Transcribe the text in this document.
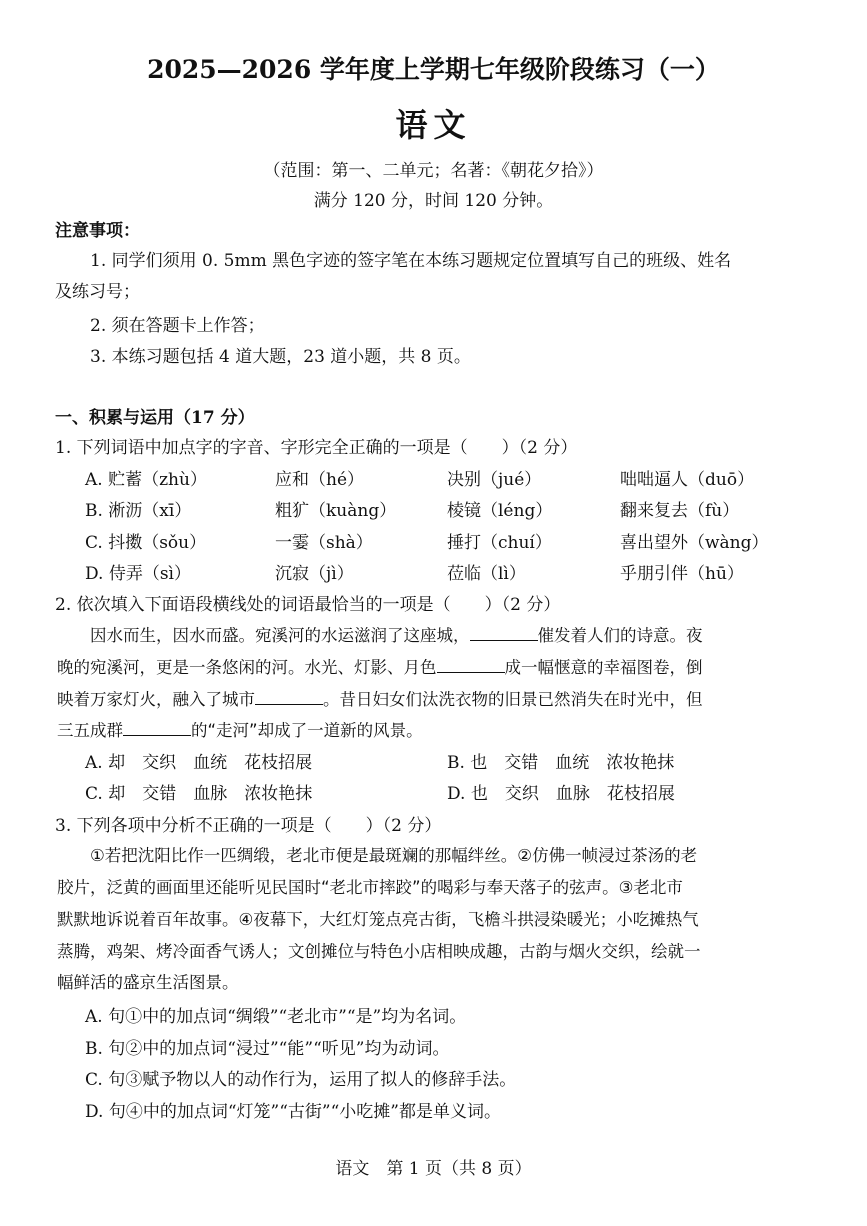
2025—2026 学年度上学期七年级阶段练习（一）
语文
（范围：第一、二单元；名著：《朝花夕拾》）
满分 120 分，时间 120 分钟。
注意事项：
1. 同学们须用 0. 5mm 黑色字迹的签字笔在本练习题规定位置填写自己的班级、姓名
及练习号；
2. 须在答题卡上作答；
3. 本练习题包括 4 道大题，23 道小题，共 8 页。
一、积累与运用（17 分）
1. 下列词语中加点字的字音、字形完全正确的一项是（　　）（2 分）
A. 贮蓄（zhù）	应和（hé）	决别（jué）	咄咄逼人（duō）
B. 淅沥（xī）	粗犷（kuàng）	棱镜（léng）	翻来复去（fù）
C. 抖擞（sǒu）	一霎（shà）	捶打（chuí）	喜出望外（wàng）
D. 侍弄（sì）	沉寂（jì）	莅临（lì）	乎朋引伴（hū）
2. 依次填入下面语段横线处的词语最恰当的一项是（　　）（2 分）
因水而生，因水而盛。宛溪河的水运滋润了这座城，	催发着人们的诗意。夜
晚的宛溪河，更是一条悠闲的河。水光、灯影、月色	成一幅惬意的幸福图卷，倒
映着万家灯火，融入了城市	。昔日妇女们汰洗衣物的旧景已然消失在时光中，但
三五成群	的“走河”却成了一道新的风景。
A. 却　交织　血统　花枝招展	B. 也　交错　血统　浓妆艳抹
C. 却　交错　血脉　浓妆艳抹	D. 也　交织　血脉　花枝招展
3. 下列各项中分析不正确的一项是（　　）（2 分）
①若把沈阳比作一匹绸缎，老北市便是最斑斓的那幅绊丝。②仿佛一帧浸过茶汤的老
胶片，泛黄的画面里还能听见民国时“老北市摔跤”的喝彩与奉天落子的弦声。③老北市
默默地诉说着百年故事。④夜幕下，大红灯笼点亮古街，飞檐斗拱浸染暖光；小吃摊热气
蒸腾，鸡架、烤冷面香气诱人；文创摊位与特色小店相映成趣，古韵与烟火交织，绘就一
幅鲜活的盛京生活图景。
A. 句①中的加点词“绸缎”“老北市”“是”均为名词。
B. 句②中的加点词“浸过”“能”“听见”均为动词。
C. 句③赋予物以人的动作行为，运用了拟人的修辞手法。
D. 句④中的加点词“灯笼”“古街”“小吃摊”都是单义词。
语文　第 1 页（共 8 页）
